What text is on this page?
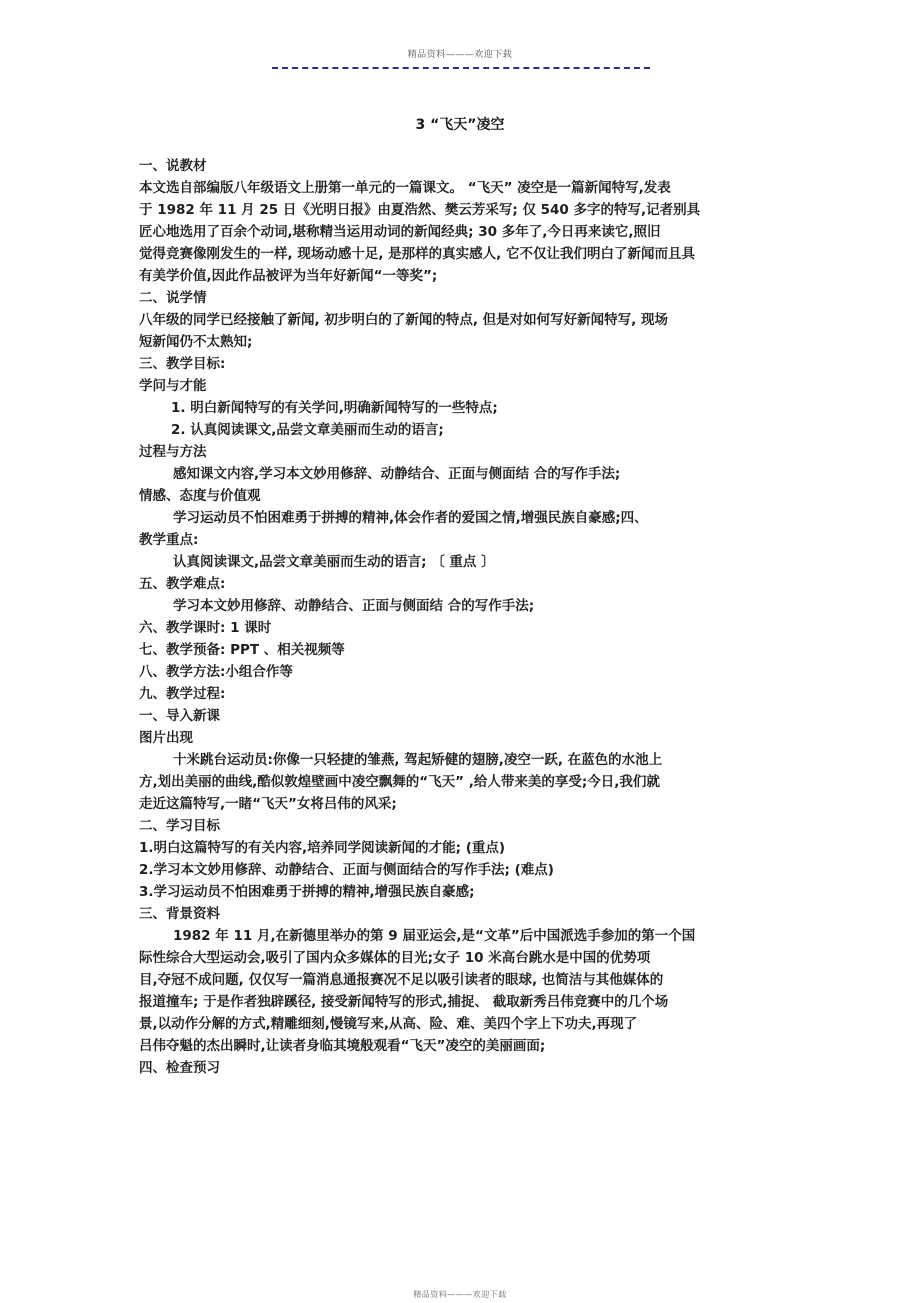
精品资料———欢迎下载
3 “飞天”凌空
一、说教材
本文选自部编版八年级语文上册第一单元的一篇课文。 “飞天” 凌空是一篇新闻特写,发表
于 1982 年 11 月 25 日《光明日报》由夏浩然、樊云芳采写; 仅 540 多字的特写,记者别具
匠心地选用了百余个动词,堪称精当运用动词的新闻经典; 30 多年了,今日再来读它,照旧
觉得竞赛像刚发生的一样, 现场动感十足, 是那样的真实感人, 它不仅让我们明白了新闻而且具
有美学价值,因此作品被评为当年好新闻“一等奖”;
二、说学情
八年级的同学已经接触了新闻, 初步明白的了新闻的特点, 但是对如何写好新闻特写, 现场
短新闻仍不太熟知;
三、教学目标:
学问与才能
1. 明白新闻特写的有关学问,明确新闻特写的一些特点;
2. 认真阅读课文,品尝文章美丽而生动的语言;
过程与方法
感知课文内容,学习本文妙用修辞、动静结合、正面与侧面结 合的写作手法;
情感、态度与价值观
学习运动员不怕困难勇于拼搏的精神,体会作者的爱国之情,增强民族自豪感;四、
教学重点:
认真阅读课文,品尝文章美丽而生动的语言; 〔 重点 〕
五、教学难点:
学习本文妙用修辞、动静结合、正面与侧面结 合的写作手法;
六、教学课时: 1 课时
七、教学预备: PPT 、相关视频等
八、教学方法:小组合作等
九、教学过程:
一、导入新课
图片出现
十米跳台运动员:你像一只轻捷的雏燕, 驾起矫健的翅膀,凌空一跃, 在蓝色的水池上
方,划出美丽的曲线,酷似敦煌壁画中凌空飘舞的“飞天” ,给人带来美的享受;今日,我们就
走近这篇特写,一睹“飞天”女将吕伟的风采;
二、学习目标
1.明白这篇特写的有关内容,培养同学阅读新闻的才能; (重点)
2.学习本文妙用修辞、动静结合、正面与侧面结合的写作手法; (难点)
3.学习运动员不怕困难勇于拼搏的精神,增强民族自豪感;
三、背景资料
1982 年 11 月,在新德里举办的第 9 届亚运会,是“文革”后中国派选手参加的第一个国
际性综合大型运动会,吸引了国内众多媒体的目光;女子 10 米高台跳水是中国的优势项
目,夺冠不成问题, 仅仅写一篇消息通报赛况不足以吸引读者的眼球, 也简洁与其他媒体的
报道撞车; 于是作者独辟蹊径, 接受新闻特写的形式,捕捉、 截取新秀吕伟竞赛中的几个场
景,以动作分解的方式,精雕细刻,慢镜写来,从高、险、难、美四个字上下功夫,再现了
吕伟夺魁的杰出瞬时,让读者身临其境般观看“飞天”凌空的美丽画面;
四、检查预习
精品资料———欢迎下载
